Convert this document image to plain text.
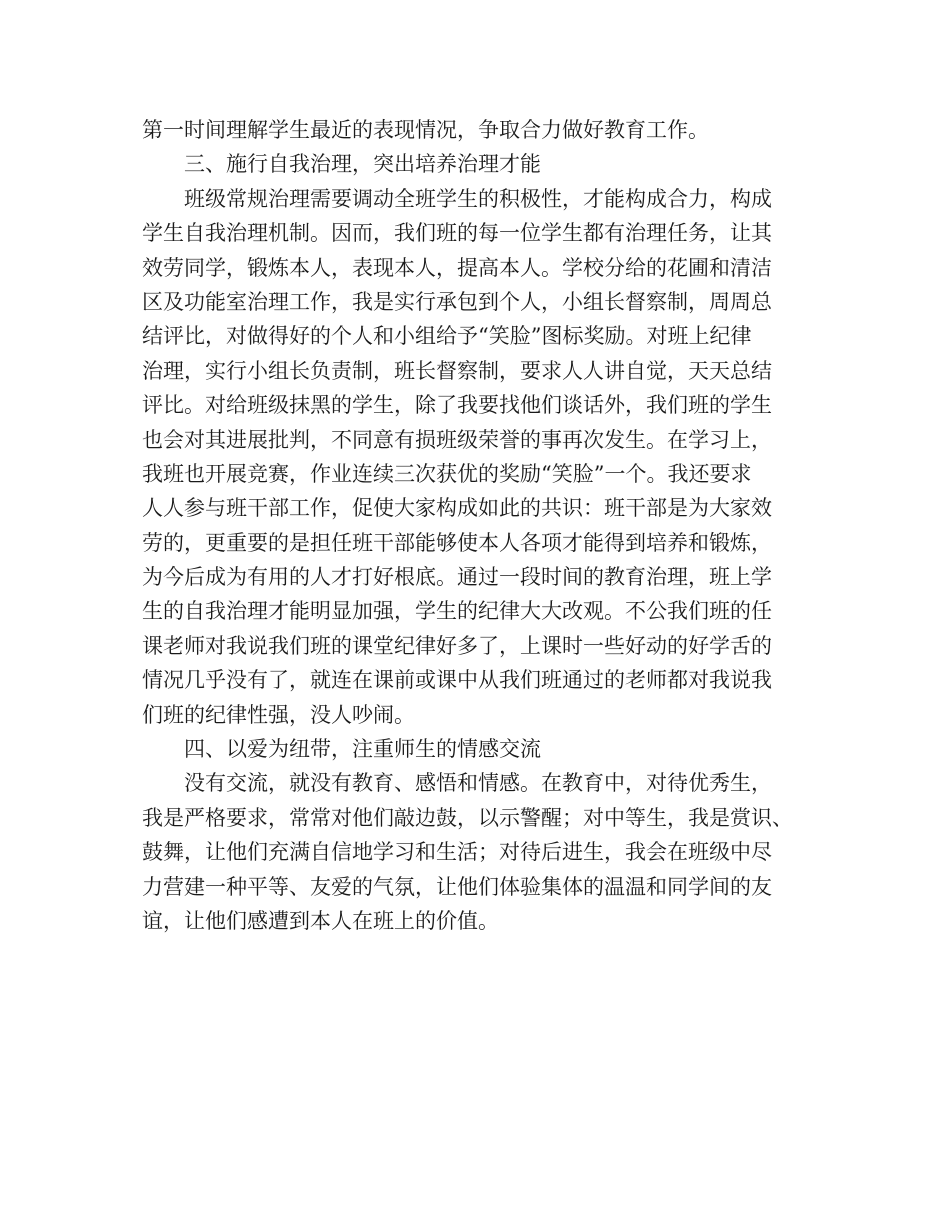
第一时间理解学生最近的表现情况，争取合力做好教育工作。
三、施行自我治理，突出培养治理才能
班级常规治理需要调动全班学生的积极性，才能构成合力，构成
学生自我治理机制。因而，我们班的每一位学生都有治理任务，让其
效劳同学，锻炼本人，表现本人，提高本人。学校分给的花圃和清洁
区及功能室治理工作，我是实行承包到个人，小组长督察制，周周总
结评比，对做得好的个人和小组给予“笑脸”图标奖励。对班上纪律
治理，实行小组长负责制，班长督察制，要求人人讲自觉，天天总结
评比。对给班级抹黑的学生，除了我要找他们谈话外，我们班的学生
也会对其进展批判，不同意有损班级荣誉的事再次发生。在学习上，
我班也开展竞赛，作业连续三次获优的奖励“笑脸”一个。我还要求
人人参与班干部工作，促使大家构成如此的共识：班干部是为大家效
劳的，更重要的是担任班干部能够使本人各项才能得到培养和锻炼，
为今后成为有用的人才打好根底。通过一段时间的教育治理，班上学
生的自我治理才能明显加强，学生的纪律大大改观。不公我们班的任
课老师对我说我们班的课堂纪律好多了，上课时一些好动的好学舌的
情况几乎没有了，就连在课前或课中从我们班通过的老师都对我说我
们班的纪律性强，没人吵闹。
四、以爱为纽带，注重师生的情感交流
没有交流，就没有教育、感悟和情感。在教育中，对待优秀生，
我是严格要求，常常对他们敲边鼓，以示警醒；对中等生，我是赏识、
鼓舞，让他们充满自信地学习和生活；对待后进生，我会在班级中尽
力营建一种平等、友爱的气氛，让他们体验集体的温温和同学间的友
谊，让他们感遭到本人在班上的价值。
